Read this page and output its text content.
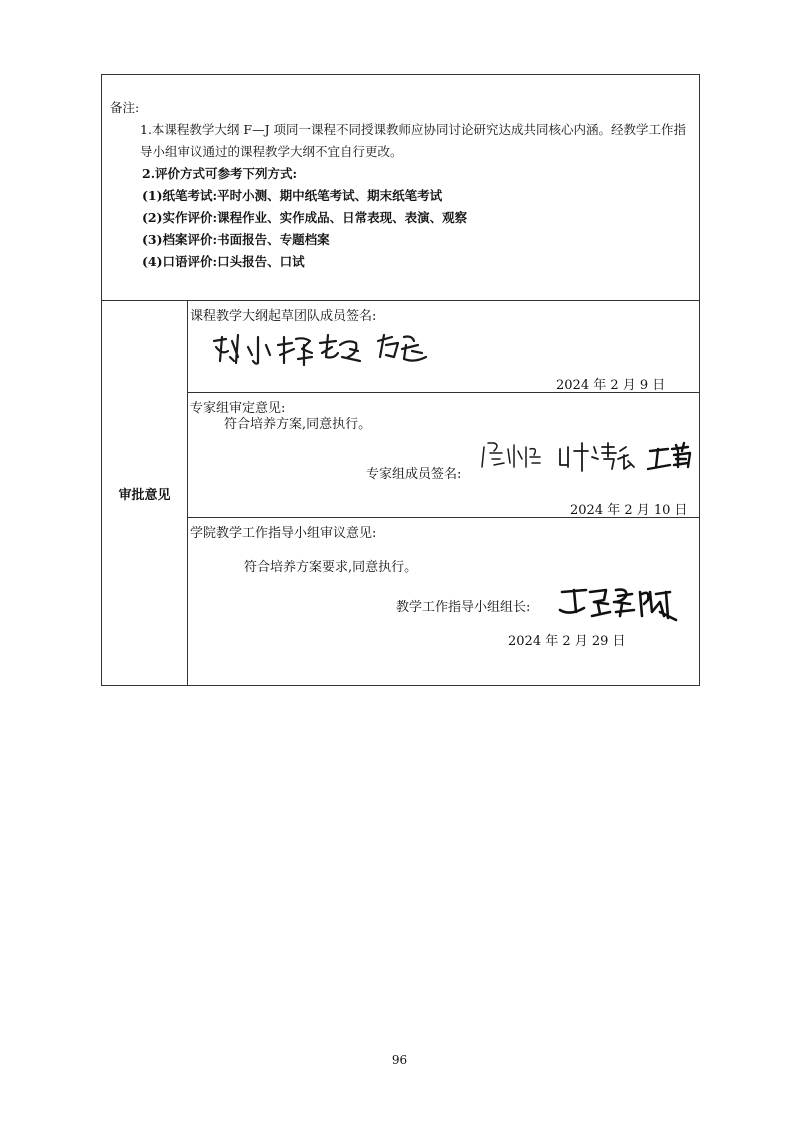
备注:
1.本课程教学大纲 F—J 项同一课程不同授课教师应协同讨论研究达成共同核心内涵。经教学工作指导小组审议通过的课程教学大纲不宜自行更改。
2.评价方式可参考下列方式:
(1)纸笔考试:平时小测、期中纸笔考试、期末纸笔考试
(2)实作评价:课程作业、实作成品、日常表现、表演、观察
(3)档案评价:书面报告、专题档案
(4)口语评价:口头报告、口试

审批意见	
课程教学大纲起草团队成员签名:
2024 年 2 月 9 日

专家组审定意见:
符合培养方案,同意执行。
专家组成员签名:
2024 年 2 月 10 日

学院教学工作指导小组审议意见:
符合培养方案要求,同意执行。
教学工作指导小组组长:
2024 年 2 月 29 日
96
